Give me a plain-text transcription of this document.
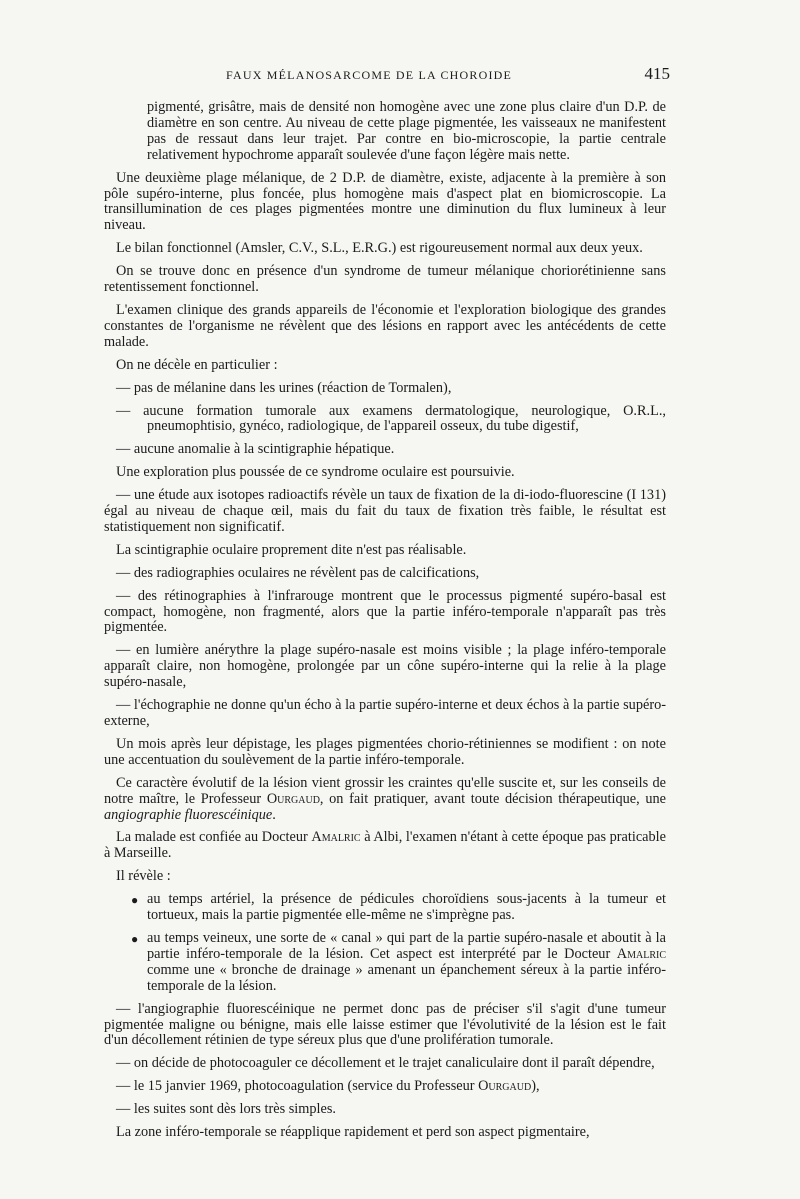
FAUX MÉLANOSARCOME DE LA CHOROIDE	415

pigmenté, grisâtre, mais de densité non homogène avec une zone plus claire d'un D.P. de diamètre en son centre. Au niveau de cette plage pigmentée, les vaisseaux ne manifestent pas de ressaut dans leur trajet. Par contre en bio-microscopie, la partie centrale relativement hypochrome apparaît soulevée d'une façon légère mais nette.

Une deuxième plage mélanique, de 2 D.P. de diamètre, existe, adjacente à la première à son pôle supéro-interne, plus foncée, plus homogène mais d'aspect plat en biomicroscopie. La transillumination de ces plages pigmentées montre une diminution du flux lumineux à leur niveau.

Le bilan fonctionnel (Amsler, C.V., S.L., E.R.G.) est rigoureusement normal aux deux yeux.

On se trouve donc en présence d'un syndrome de tumeur mélanique choriorétinienne sans retentissement fonctionnel.

L'examen clinique des grands appareils de l'économie et l'exploration biologique des grandes constantes de l'organisme ne révèlent que des lésions en rapport avec les antécédents de cette malade.

On ne décèle en particulier :

— pas de mélanine dans les urines (réaction de Tormalen),

— aucune formation tumorale aux examens dermatologique, neurologique, O.R.L., pneumophtisio, gynéco, radiologique, de l'appareil osseux, du tube digestif,

— aucune anomalie à la scintigraphie hépatique.

Une exploration plus poussée de ce syndrome oculaire est poursuivie.

— une étude aux isotopes radioactifs révèle un taux de fixation de la di-iodo-fluorescine (I 131) égal au niveau de chaque œil, mais du fait du taux de fixation très faible, le résultat est statistiquement non significatif.

La scintigraphie oculaire proprement dite n'est pas réalisable.

— des radiographies oculaires ne révèlent pas de calcifications,

— des rétinographies à l'infrarouge montrent que le processus pigmenté supéro-basal est compact, homogène, non fragmenté, alors que la partie inféro-temporale n'apparaît pas très pigmentée.

— en lumière anérythre la plage supéro-nasale est moins visible ; la plage inféro-temporale apparaît claire, non homogène, prolongée par un cône supéro-interne qui la relie à la plage supéro-nasale,

— l'échographie ne donne qu'un écho à la partie supéro-interne et deux échos à la partie supéro-externe,

Un mois après leur dépistage, les plages pigmentées chorio-rétiniennes se modifient : on note une accentuation du soulèvement de la partie inféro-temporale.

Ce caractère évolutif de la lésion vient grossir les craintes qu'elle suscite et, sur les conseils de notre maître, le Professeur Ourgaud, on fait pratiquer, avant toute décision thérapeutique, une angiographie fluorescéinique.

La malade est confiée au Docteur Amalric à Albi, l'examen n'étant à cette époque pas praticable à Marseille.

Il révèle :

● au temps artériel, la présence de pédicules choroïdiens sous-jacents à la tumeur et tortueux, mais la partie pigmentée elle-même ne s'imprègne pas.

● au temps veineux, une sorte de « canal » qui part de la partie supéro-nasale et aboutit à la partie inféro-temporale de la lésion. Cet aspect est interprété par le Docteur Amalric comme une « bronche de drainage » amenant un épanchement séreux à la partie inféro-temporale de la lésion.

— l'angiographie fluorescéinique ne permet donc pas de préciser s'il s'agit d'une tumeur pigmentée maligne ou bénigne, mais elle laisse estimer que l'évolutivité de la lésion est le fait d'un décollement rétinien de type séreux plus que d'une prolifération tumorale.

— on décide de photocoaguler ce décollement et le trajet canaliculaire dont il paraît dépendre,

— le 15 janvier 1969, photocoagulation (service du Professeur Ourgaud),

— les suites sont dès lors très simples.

La zone inféro-temporale se réapplique rapidement et perd son aspect pigmentaire,
